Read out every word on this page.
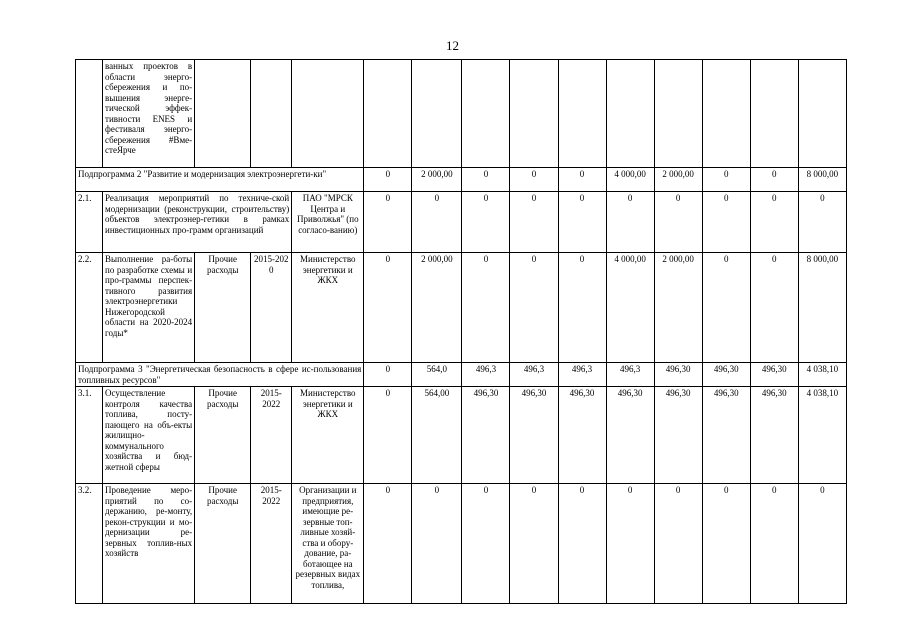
12
	ванных проектов в области энерго-сбережения и по-вышения энерге-тической эффек-тивности ENES и фестиваля энерго-сбережения #Вме-стеЯрче													
Подпрограмма 2 "Развитие и модернизация электроэнергети-ки"					0	2 000,00	0	0	0	4 000,00	2 000,00	0	0	8 000,00
2.1.	Реализация мероприятий по техниче-ской модернизации (реконструкции, строительству) объектов электроэнер-гетики в рамках инвестиционных про-грамм организаций			ПАО "МРСК Центра и Приволжья" (по согласо-ванию)	0	0	0	0	0	0	0	0	0	0
2.2.	Выполнение ра-боты по разработке схемы и про-граммы перспек-тивного развития электроэнергетики Нижегородской области на 2020-2024 годы*	Прочие расходы	2015-2020	Министерство энергетики и ЖКХ	0	2 000,00	0	0	0	4 000,00	2 000,00	0	0	8 000,00
Подпрограмма 3 "Энергетическая безопасность в сфере ис-пользования топливных ресурсов"					0	564,0	496,3	496,3	496,3	496,3	496,30	496,30	496,30	4 038,10
3.1.	Осуществление контроля качества топлива, посту-пающего на объ-екты жилищно-коммунального хозяйства и бюд-жетной сферы	Прочие расходы	2015-2022	Министерство энергетики и ЖКХ	0	564,00	496,30	496,30	496,30	496,30	496,30	496,30	496,30	4 038,10
3.2.	Проведение меро-приятий по со-держанию, ре-монту, рекон-струкции и мо-дернизации ре-зервных топлив-ных хозяйств	Прочие расходы	2015-2022	Организации и предприятия, имеющие ре-зервные топ-ливные хозяй-ства и обору-дование, ра-ботающее на резервных видах топлива,	0	0	0	0	0	0	0	0	0	0
